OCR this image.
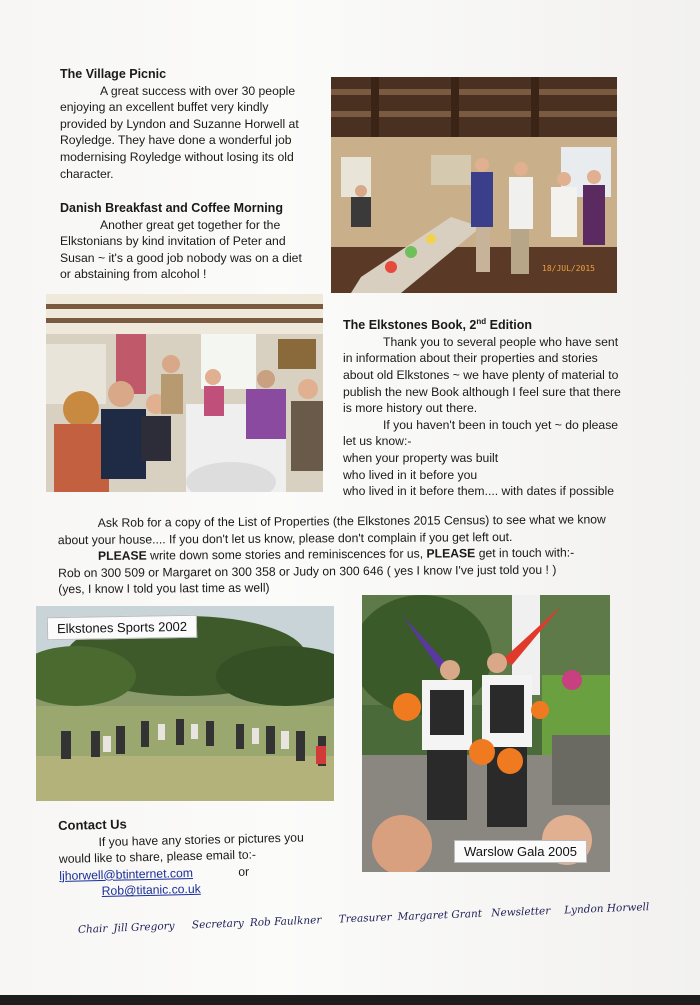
The Village Picnic
A great success with over 30 people
enjoying an excellent buffet very kindly
provided by Lyndon and Suzanne Horwell at
Royledge. They have done a wonderful job
modernising Royledge without losing its old
character.
Danish Breakfast and Coffee Morning
Another great get together for the
Elkstonians by kind invitation of Peter and
Susan ~ it's a good job nobody was on a diet
or abstaining from alcohol !	18/JUL/2015
The Elkstones Book, 2nd Edition
Thank you to several people who have sent
in information about their properties and stories
about old Elkstones ~ we have plenty of material to
publish the new Book although I feel sure that there
is more history out there.
If you haven't been in touch yet ~ do please
let us know:-
when your property was built
who lived in it before you
who lived in it before them.... with dates if possible
Ask Rob for a copy of the List of Properties (the Elkstones 2015 Census) to see what we know
about your house.... If you don't let us know, please don't complain if you get left out.
PLEASE write down some stories and reminiscences for us, PLEASE get in touch with:-
Rob on 300 509 or Margaret on 300 358 or Judy on 300 646 ( yes I know I've just told you ! )
(yes, I know I told you last time as well)
Elkstones Sports 2002
Warslow Gala 2005
Contact Us
If you have any stories or pictures you
would like to share, please email to:-
ljhorwell@btinternet.com	or
Rob@titanic.co.uk
Chair Jill Gregory Secretary Rob Faulkner Treasurer Margaret Grant Newsletter Lyndon Horwell
